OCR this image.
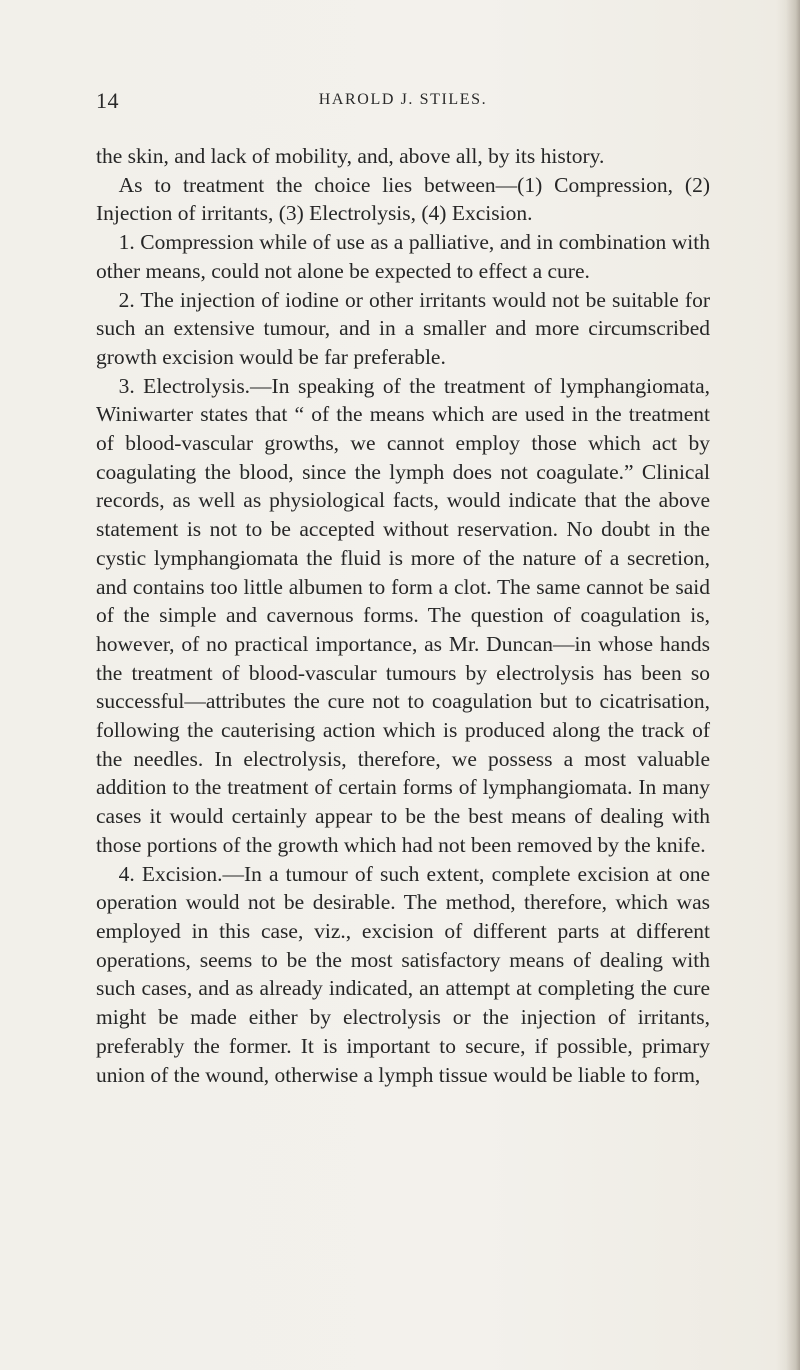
14	HAROLD J. STILES.

the skin, and lack of mobility, and, above all, by its history.

As to treatment the choice lies between—(1) Compression, (2) Injection of irritants, (3) Electrolysis, (4) Excision.

1. Compression while of use as a palliative, and in combination with other means, could not alone be expected to effect a cure.

2. The injection of iodine or other irritants would not be suitable for such an extensive tumour, and in a smaller and more circumscribed growth excision would be far preferable.

3. Electrolysis.—In speaking of the treatment of lymphangiomata, Winiwarter states that “ of the means which are used in the treatment of blood-vascular growths, we cannot employ those which act by coagulating the blood, since the lymph does not coagulate.” Clinical records, as well as physiological facts, would indicate that the above statement is not to be accepted without reservation. No doubt in the cystic lymphangiomata the fluid is more of the nature of a secretion, and contains too little albumen to form a clot. The same cannot be said of the simple and cavernous forms. The question of coagulation is, however, of no practical importance, as Mr. Duncan—in whose hands the treatment of blood-vascular tumours by electrolysis has been so successful—attributes the cure not to coagulation but to cicatrisation, following the cauterising action which is produced along the track of the needles. In electrolysis, therefore, we possess a most valuable addition to the treatment of certain forms of lymphangiomata. In many cases it would certainly appear to be the best means of dealing with those portions of the growth which had not been removed by the knife.

4. Excision.—In a tumour of such extent, complete excision at one operation would not be desirable. The method, therefore, which was employed in this case, viz., excision of different parts at different operations, seems to be the most satisfactory means of dealing with such cases, and as already indicated, an attempt at completing the cure might be made either by electrolysis or the injection of irritants, preferably the former. It is important to secure, if possible, primary union of the wound, otherwise a lymph tissue would be liable to form,
